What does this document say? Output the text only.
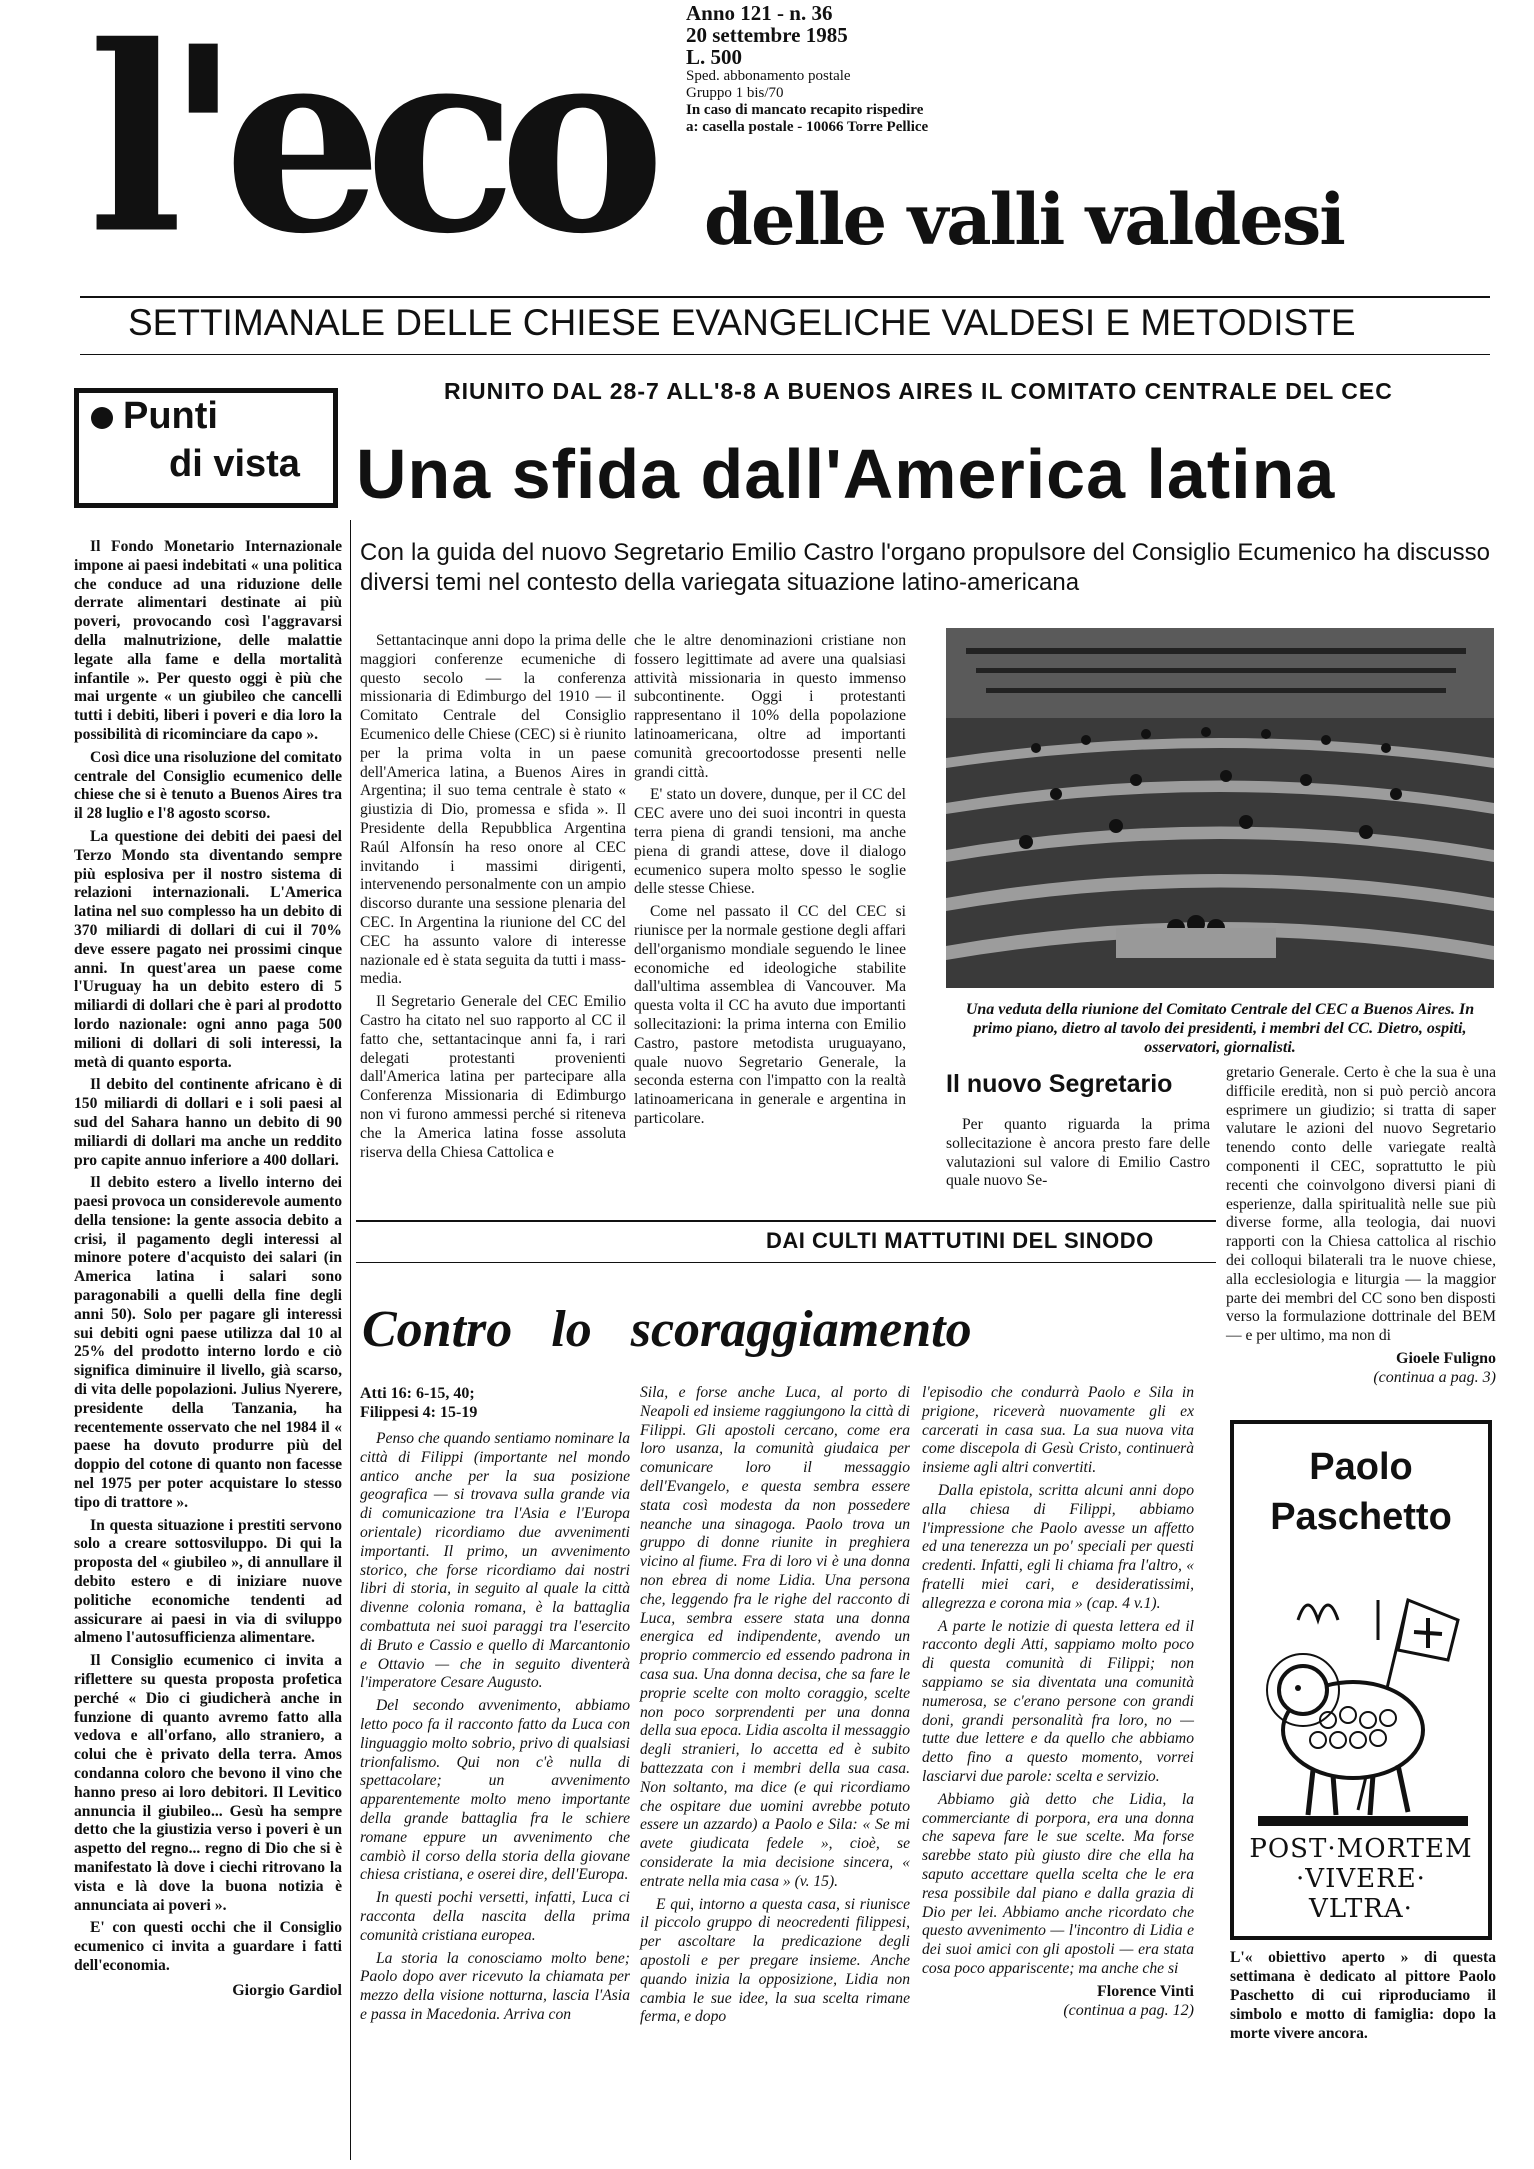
l'eco Anno 121 - n. 36
20 settembre 1985
L. 500
Sped. abbonamento postale
Gruppo 1 bis/70
In caso di mancato recapito rispedire
a: casella postale - 10066 Torre Pellice
delle valli valdesi
SETTIMANALE DELLE CHIESE EVANGELICHE VALDESI E METODISTE
Punti
di vista

Il Fondo Monetario Internazionale impone ai paesi indebitati « una politica che conduce ad una riduzione delle derrate alimentari destinate ai più poveri, provocando così l'aggravarsi della malnutrizione, delle malattie legate alla fame e della mortalità infantile ». Per questo oggi è più che mai urgente « un giubileo che cancelli tutti i debiti, liberi i poveri e dia loro la possibilità di ricominciare da capo ».

Così dice una risoluzione del comitato centrale del Consiglio ecumenico delle chiese che si è tenuto a Buenos Aires tra il 28 luglio e l'8 agosto scorso.

La questione dei debiti dei paesi del Terzo Mondo sta diventando sempre più esplosiva per il nostro sistema di relazioni internazionali. L'America latina nel suo complesso ha un debito di 370 miliardi di dollari di cui il 70% deve essere pagato nei prossimi cinque anni. In quest'area un paese come l'Uruguay ha un debito estero di 5 miliardi di dollari che è pari al prodotto lordo nazionale: ogni anno paga 500 milioni di dollari di soli interessi, la metà di quanto esporta.

Il debito del continente africano è di 150 miliardi di dollari e i soli paesi al sud del Sahara hanno un debito di 90 miliardi di dollari ma anche un reddito pro capite annuo inferiore a 400 dollari.

Il debito estero a livello interno dei paesi provoca un considerevole aumento della tensione: la gente associa debito a crisi, il pagamento degli interessi al minore potere d'acquisto dei salari (in America latina i salari sono paragonabili a quelli della fine degli anni 50). Solo per pagare gli interessi sui debiti ogni paese utilizza dal 10 al 25% del prodotto interno lordo e ciò significa diminuire il livello, già scarso, di vita delle popolazioni. Julius Nyerere, presidente della Tanzania, ha recentemente osservato che nel 1984 il « paese ha dovuto produrre più del doppio del cotone di quanto non facesse nel 1975 per poter acquistare lo stesso tipo di trattore ».

In questa situazione i prestiti servono solo a creare sottosviluppo. Di qui la proposta del « giubileo », di annullare il debito estero e di iniziare nuove politiche economiche tendenti ad assicurare ai paesi in via di sviluppo almeno l'autosufficienza alimentare.

Il Consiglio ecumenico ci invita a riflettere su questa proposta profetica perché « Dio ci giudicherà anche in funzione di quanto avremo fatto alla vedova e all'orfano, allo straniero, a colui che è privato della terra. Amos condanna coloro che bevono il vino che hanno preso ai loro debitori. Il Levitico annuncia il giubileo... Gesù ha sempre detto che la giustizia verso i poveri è un aspetto del regno... regno di Dio che si è manifestato là dove i ciechi ritrovano la vista e là dove la buona notizia è annunciata ai poveri ».

E' con questi occhi che il Consiglio ecumenico ci invita a guardare i fatti dell'economia.

Giorgio Gardiol
RIUNITO DAL 28-7 ALL'8-8 A BUENOS AIRES IL COMITATO CENTRALE DEL CEC
Una sfida dall'America latina
Con la guida del nuovo Segretario Emilio Castro l'organo propulsore del Consiglio Ecumenico ha discusso diversi temi nel contesto della variegata situazione latino-americana

Settantacinque anni dopo la prima delle maggiori conferenze ecumeniche di questo secolo — la conferenza missionaria di Edimburgo del 1910 — il Comitato Centrale del Consiglio Ecumenico delle Chiese (CEC) si è riunito per la prima volta in un paese dell'America latina, a Buenos Aires in Argentina; il suo tema centrale è stato « giustizia di Dio, promessa e sfida ». Il Presidente della Repubblica Argentina Raúl Alfonsín ha reso onore al CEC invitando i massimi dirigenti, intervenendo personalmente con un ampio discorso durante una sessione plenaria del CEC. In Argentina la riunione del CC del CEC ha assunto valore di interesse nazionale ed è stata seguita da tutti i mass-media.

Il Segretario Generale del CEC Emilio Castro ha citato nel suo rapporto al CC il fatto che, settantacinque anni fa, i rari delegati protestanti provenienti dall'America latina per partecipare alla Conferenza Missionaria di Edimburgo non vi furono ammessi perché si riteneva che la America latina fosse assoluta riserva della Chiesa Cattolica e

che le altre denominazioni cristiane non fossero legittimate ad avere una qualsiasi attività missionaria in questo immenso subcontinente. Oggi i protestanti rappresentano il 10% della popolazione latinoamericana, oltre ad importanti comunità grecoortodosse presenti nelle grandi città.

E' stato un dovere, dunque, per il CC del CEC avere uno dei suoi incontri in questa terra piena di grandi tensioni, ma anche piena di grandi attese, dove il dialogo ecumenico supera molto spesso le soglie delle stesse Chiese.

Come nel passato il CC del CEC si riunisce per la normale gestione degli affari dell'organismo mondiale seguendo le linee economiche ed ideologiche stabilite dall'ultima assemblea di Vancouver. Ma questa volta il CC ha avuto due importanti sollecitazioni: la prima interna con Emilio Castro, pastore metodista uruguayano, quale nuovo Segretario Generale, la seconda esterna con l'impatto con la realtà latinoamericana in generale e argentina in particolare.

Una veduta della riunione del Comitato Centrale del CEC a Buenos Aires. In primo piano, dietro al tavolo dei presidenti, i membri del CC. Dietro, ospiti, osservatori, giornalisti.
Il nuovo Segretario

Per quanto riguarda la prima sollecitazione è ancora presto fare delle valutazioni sul valore di Emilio Castro quale nuovo Se-

gretario Generale. Certo è che la sua è una difficile eredità, non si può perciò ancora esprimere un giudizio; si tratta di saper valutare le azioni del nuovo Segretario tenendo conto delle variegate realtà componenti il CEC, soprattutto le più recenti che coinvolgono diversi piani di esperienze, dalla spiritualità nelle sue più diverse forme, alla teologia, dai nuovi rapporti con la Chiesa cattolica al rischio dei colloqui bilaterali tra le nuove chiese, alla ecclesiologia e liturgia — la maggior parte dei membri del CC sono ben disposti verso la formulazione dottrinale del BEM — e per ultimo, ma non di

Gioele Fuligno
(continua a pag. 3)
DAI CULTI MATTUTINI DEL SINODO
Contro lo scoraggiamento
Atti 16: 6-15, 40;
Filippesi 4: 15-19

Penso che quando sentiamo nominare la città di Filippi (importante nel mondo antico anche per la sua posizione geografica — si trovava sulla grande via di comunicazione tra l'Asia e l'Europa orientale) ricordiamo due avvenimenti importanti. Il primo, un avvenimento storico, che forse ricordiamo dai nostri libri di storia, in seguito al quale la città divenne colonia romana, è la battaglia combattuta nei suoi paraggi tra l'esercito di Bruto e Cassio e quello di Marcantonio e Ottavio — che in seguito diventerà l'imperatore Cesare Augusto.

Del secondo avvenimento, abbiamo letto poco fa il racconto fatto da Luca con linguaggio molto sobrio, privo di qualsiasi trionfalismo. Qui non c'è nulla di spettacolare; un avvenimento apparentemente molto meno importante della grande battaglia fra le schiere romane eppure un avvenimento che cambiò il corso della storia della giovane chiesa cristiana, e oserei dire, dell'Europa.

In questi pochi versetti, infatti, Luca ci racconta della nascita della prima comunità cristiana europea.

La storia la conosciamo molto bene; Paolo dopo aver ricevuto la chiamata per mezzo della visione notturna, lascia l'Asia e passa in Macedonia. Arriva con

Sila, e forse anche Luca, al porto di Neapoli ed insieme raggiungono la città di Filippi. Gli apostoli cercano, come era loro usanza, la comunità giudaica per comunicare loro il messaggio dell'Evangelo, e questa sembra essere stata così modesta da non possedere neanche una sinagoga. Paolo trova un gruppo di donne riunite in preghiera vicino al fiume. Fra di loro vi è una donna non ebrea di nome Lidia. Una persona che, leggendo fra le righe del racconto di Luca, sembra essere stata una donna energica ed indipendente, avendo un proprio commercio ed essendo padrona in casa sua. Una donna decisa, che sa fare le proprie scelte con molto coraggio, scelte non poco sorprendenti per una donna della sua epoca. Lidia ascolta il messaggio degli stranieri, lo accetta ed è subito battezzata con i membri della sua casa. Non soltanto, ma dice (e qui ricordiamo che ospitare due uomini avrebbe potuto essere un azzardo) a Paolo e Sila: « Se mi avete giudicata fedele », cioè, se considerate la mia decisione sincera, « entrate nella mia casa » (v. 15).

E qui, intorno a questa casa, si riunisce il piccolo gruppo di neocredenti filippesi, per ascoltare la predicazione degli apostoli e per pregare insieme. Anche quando inizia la opposizione, Lidia non cambia le sue idee, la sua scelta rimane ferma, e dopo

l'episodio che condurrà Paolo e Sila in prigione, riceverà nuovamente gli ex carcerati in casa sua. La sua nuova vita come discepola di Gesù Cristo, continuerà insieme agli altri convertiti.

Dalla epistola, scritta alcuni anni dopo alla chiesa di Filippi, abbiamo l'impressione che Paolo avesse un affetto ed una tenerezza un po' speciali per questi credenti. Infatti, egli li chiama fra l'altro, « fratelli miei cari, e desideratissimi, allegrezza e corona mia » (cap. 4 v.1).

A parte le notizie di questa lettera ed il racconto degli Atti, sappiamo molto poco di questa comunità di Filippi; non sappiamo se sia diventata una comunità numerosa, se c'erano persone con grandi doni, grandi personalità fra loro, no — tutte due lettere e da quello che abbiamo detto fino a questo momento, vorrei lasciarvi due parole: scelta e servizio.

Abbiamo già detto che Lidia, la commerciante di porpora, era una donna che sapeva fare le sue scelte. Ma forse sarebbe stato più giusto dire che ella ha saputo accettare quella scelta che le era resa possibile dal piano e dalla grazia di Dio per lei. Abbiamo anche ricordato che questo avvenimento — l'incontro di Lidia e dei suoi amici con gli apostoli — era stata cosa poco appariscente; ma anche che si

Florence Vinti
(continua a pag. 12)
Paolo
Paschetto
POST·MORTEM
·VIVERE·
VLTRA·
L'« obiettivo aperto » di questa settimana è dedicato al pittore Paolo Paschetto di cui riproduciamo il simbolo e motto di famiglia: dopo la morte vivere ancora.
